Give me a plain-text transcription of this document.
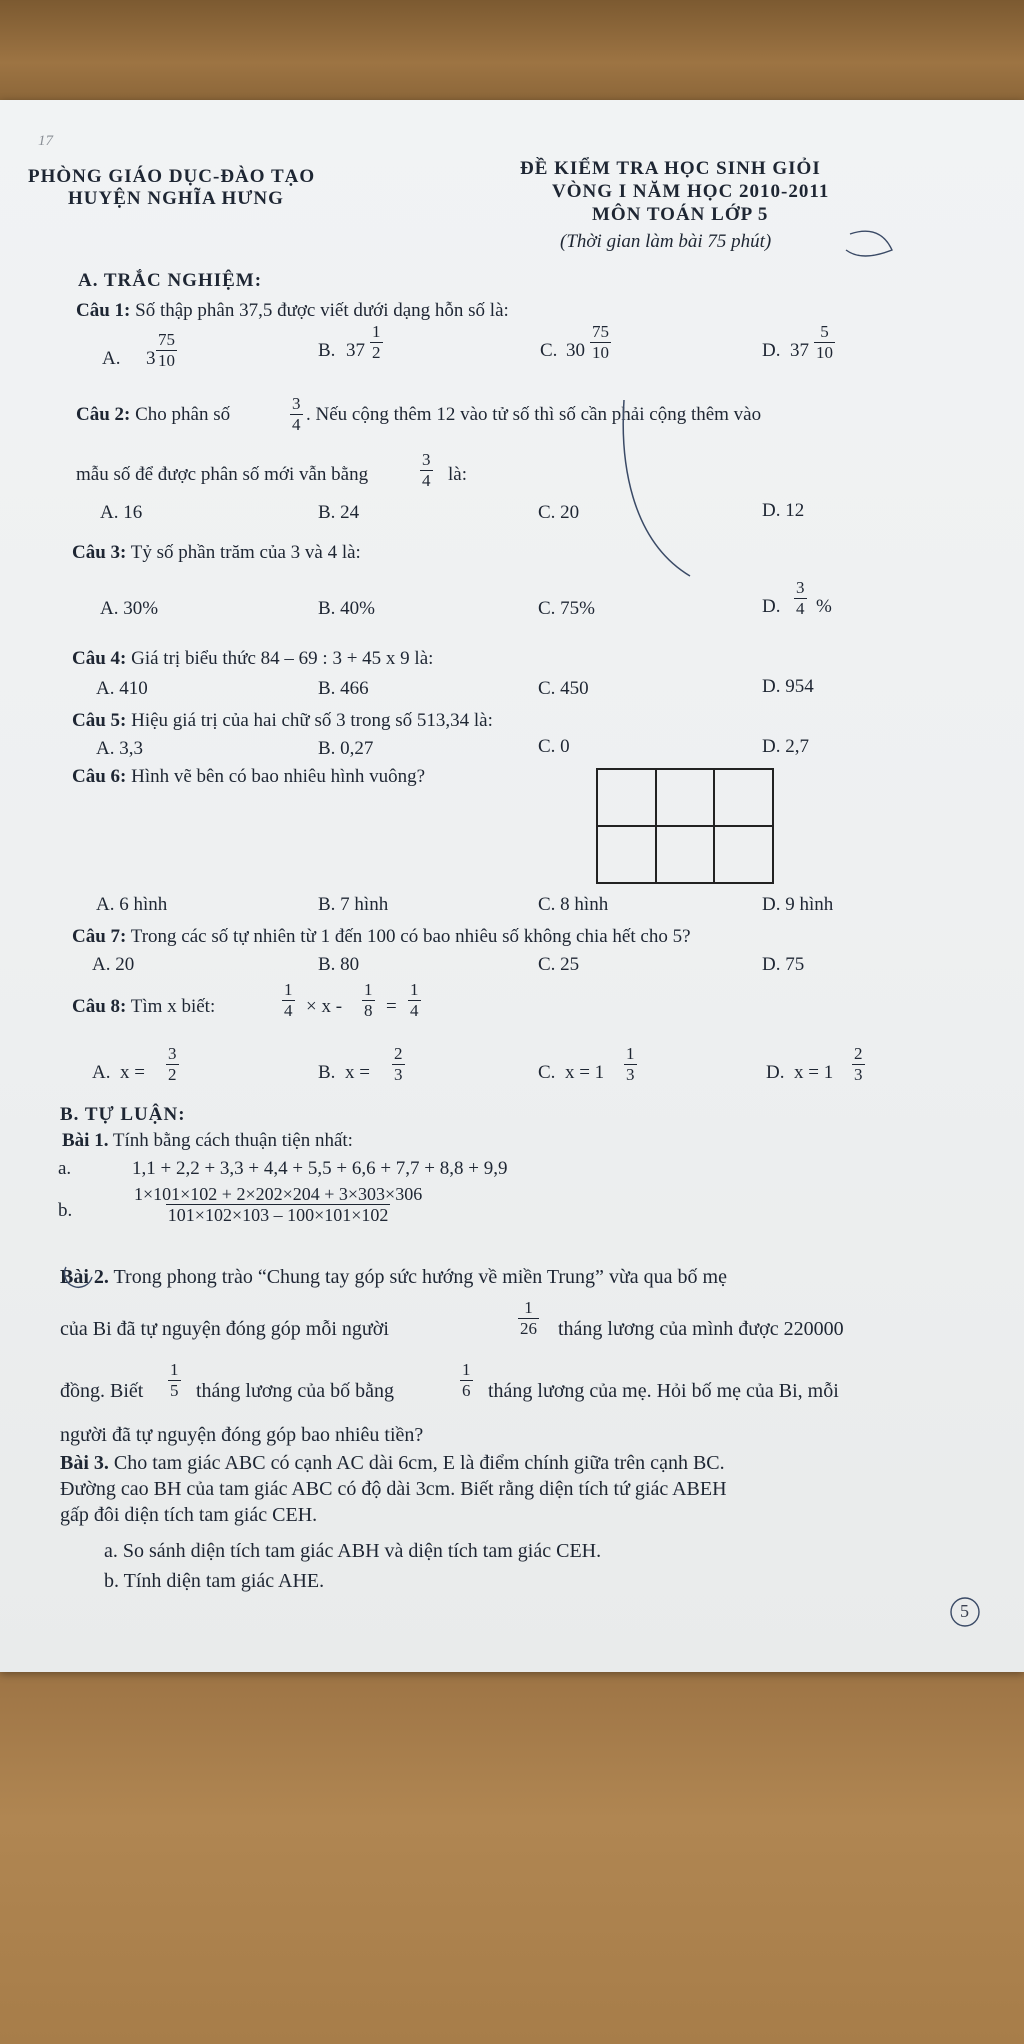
PHÒNG GIÁO DỤC-ĐÀO TẠO
HUYỆN NGHĨA HƯNG
ĐỀ KIỂM TRA HỌC SINH GIỎI
VÒNG I NĂM HỌC 2010-2011
MÔN TOÁN LỚP 5
(Thời gian làm bài 75 phút)
A. TRẮC NGHIỆM:
Câu 1: Số thập phân 37,5 được viết dưới dạng hỗn số là:
A. $3 \frac{75}{10}$	B. $37 \frac{1}{2}$	C. $30 \frac{75}{10}$	D. $37 \frac{5}{10}$
Câu 2: Cho phân số	$\frac{3}{4}$ . Nếu cộng thêm 12 vào tử số thì số cần phải cộng thêm vào
mẫu số để được phân số mới vẫn bằng	$\frac{3}{4}$ là:
A. 16	B. 24	C. 20	D. 12
Câu 3: Tỷ số phần trăm của 3 và 4 là:
A. 30%	B. 40%	C. 75%	D. $\frac{3}{4}$ %
Câu 4: Giá trị biểu thức 84 – 69 : 3 + 45 x 9 là:
A. 410	B. 466	C. 450	D. 954
Câu 5: Hiệu giá trị của hai chữ số 3 trong số 513,34 là:
A. 3,3	B. 0,27	C. 0	D. 2,7
Câu 6: Hình vẽ bên có bao nhiêu hình vuông?
A. 6 hình	B. 7 hình	C. 8 hình	D. 9 hình
Câu 7: Trong các số tự nhiên từ 1 đến 100 có bao nhiêu số không chia hết cho 5?
A. 20	B. 80	C. 25	D. 75
Câu 8: Tìm x biết:	$\frac{1}{4} \times x - \frac{1}{8} = \frac{1}{4}$
A. $x = \frac{3}{2}$	B. $x = \frac{2}{3}$	C. $x = 1 \frac{1}{3}$	D. $x = 1 \frac{2}{3}$
B. TỰ LUẬN:
Bài 1. Tính bằng cách thuận tiện nhất:
a.	1,1 + 2,2 + 3,3 + 4,4 + 5,5 + 6,6 + 7,7 + 8,8 + 9,9
b.	$\frac{1\times 101\times 102 + 2\times 202\times 204 + 3\times 303\times 306}{101\times 102\times 103 - 100\times 101\times 102}$
Bài 2. Trong phong trào “Chung tay góp sức hướng về miền Trung” vừa qua bố mẹ
của Bi đã tự nguyện đóng góp mỗi người	$\frac{1}{26}$ tháng lương của mình được 220000
đồng. Biết $\frac{1}{5}$ tháng lương của bố bằng	$\frac{1}{6}$ tháng lương của mẹ. Hỏi bố mẹ của Bi, mỗi
người đã tự nguyện đóng góp bao nhiêu tiền?
Bài 3. Cho tam giác ABC có cạnh AC dài 6cm, E là điểm chính giữa trên cạnh BC.
Đường cao BH của tam giác ABC có độ dài 3cm. Biết rằng diện tích tứ giác ABEH
gấp đôi diện tích tam giác CEH.
a. So sánh diện tích tam giác ABH và diện tích tam giác CEH.
b. Tính diện tam giác AHE.
17
5
